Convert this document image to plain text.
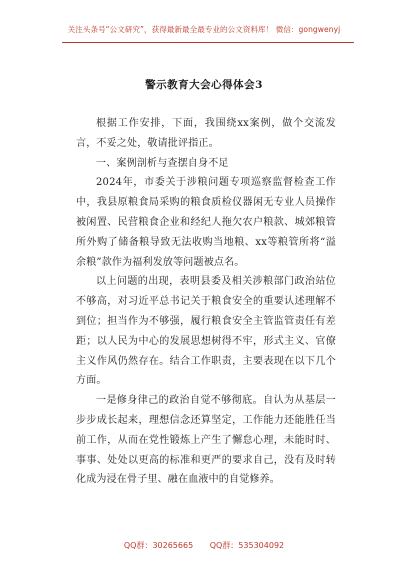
关注头条号“公文研究”，获得最新最全最专业的公文资料库！ 微信：gongwenyj
警示教育大会心得体会3

根据工作安排，下面，我围绕xx案例，做个交流发言，不妥之处，敬请批评指正。

一、案例剖析与查摆自身不足

2024年，市委关于涉粮问题专项巡察监督检查工作中，我县原粮食局采购的粮食质检仪器闲无专业人员操作被闲置、民营粮食企业和经纪人拖欠农户粮款、城郊粮管所外购了储备粮导致无法收购当地粮、xx等粮管所将“溢余粮”款作为福利发放等问题被点名。

以上问题的出现，表明县委及相关涉粮部门政治站位不够高，对习近平总书记关于粮食安全的重要认述理解不到位；担当作为不够强，履行粮食安全主管监管责任有差距；以人民为中心的发展思想树得不牢，形式主义、官僚主义作风仍然存在。结合工作职责，主要表现在以下几个方面。

一是修身律己的政治自觉不够彻底。自认为从基层一步步成长起来，理想信念还算坚定，工作能力还能胜任当前工作，从而在党性锻炼上产生了懈怠心理，未能时时、事事、处处以更高的标准和更严的要求自己，没有及时转化成为浸在骨子里、融在血液中的自觉修养。

QQ群：30265665 QQ群：535304092
